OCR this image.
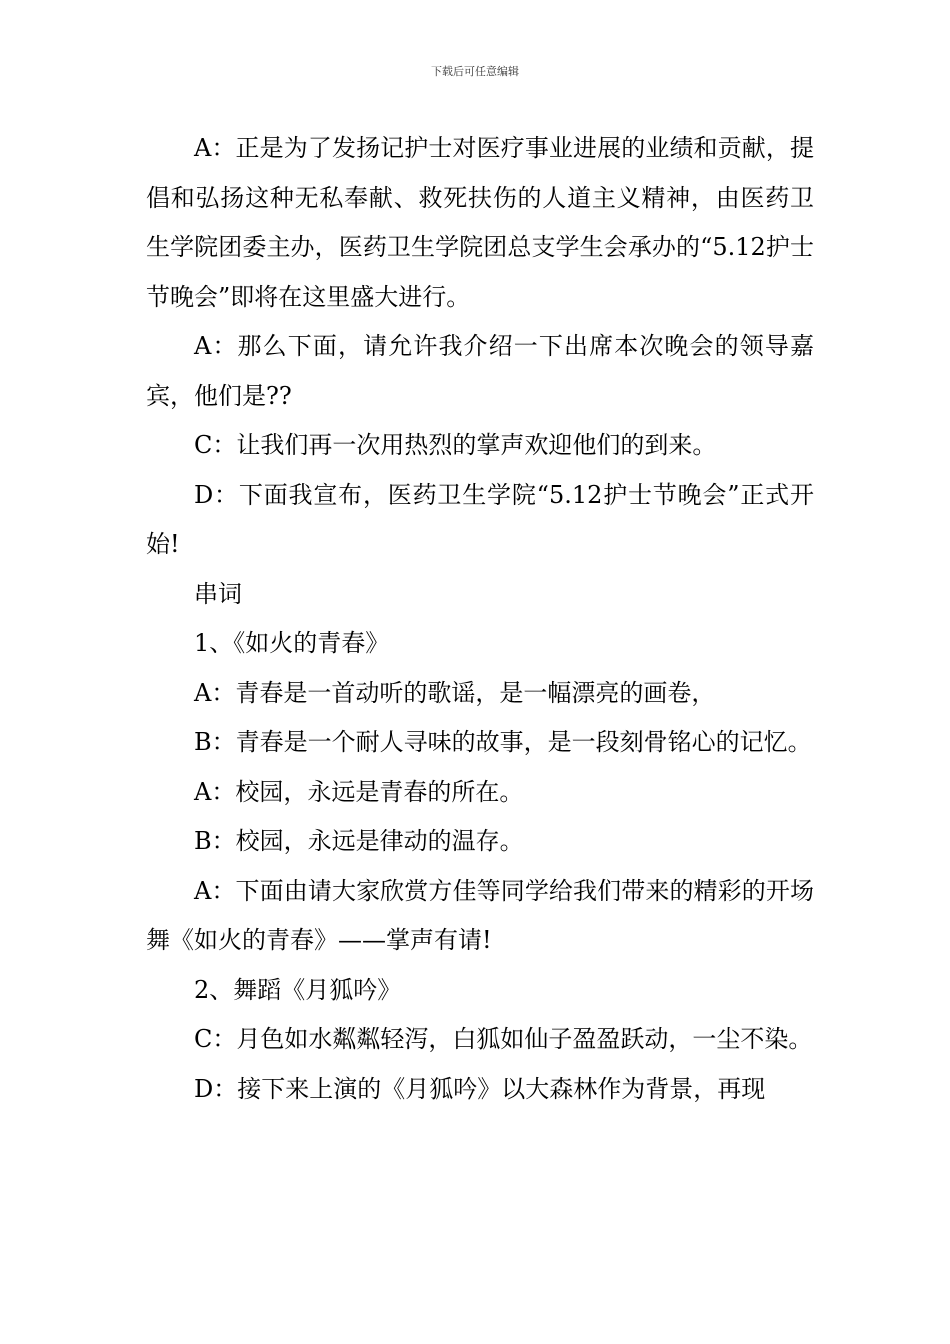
下载后可任意编辑

A：正是为了发扬记护士对医疗事业进展的业绩和贡献，提倡和弘扬这种无私奉献、救死扶伤的人道主义精神，由医药卫生学院团委主办，医药卫生学院团总支学生会承办的“5.12护士节晚会”即将在这里盛大进行。

A：那么下面，请允许我介绍一下出席本次晚会的领导嘉宾，他们是??

C：让我们再一次用热烈的掌声欢迎他们的到来。

D：下面我宣布，医药卫生学院“5.12护士节晚会”正式开始!

串词

1、《如火的青春》

A：青春是一首动听的歌谣，是一幅漂亮的画卷，

B：青春是一个耐人寻味的故事，是一段刻骨铭心的记忆。

A：校园，永远是青春的所在。

B：校园，永远是律动的温存。

A：下面由请大家欣赏方佳等同学给我们带来的精彩的开场舞《如火的青春》——掌声有请!

2、舞蹈《月狐吟》

C：月色如水粼粼轻泻，白狐如仙子盈盈跃动，一尘不染。

D：接下来上演的《月狐吟》以大森林作为背景，再现
